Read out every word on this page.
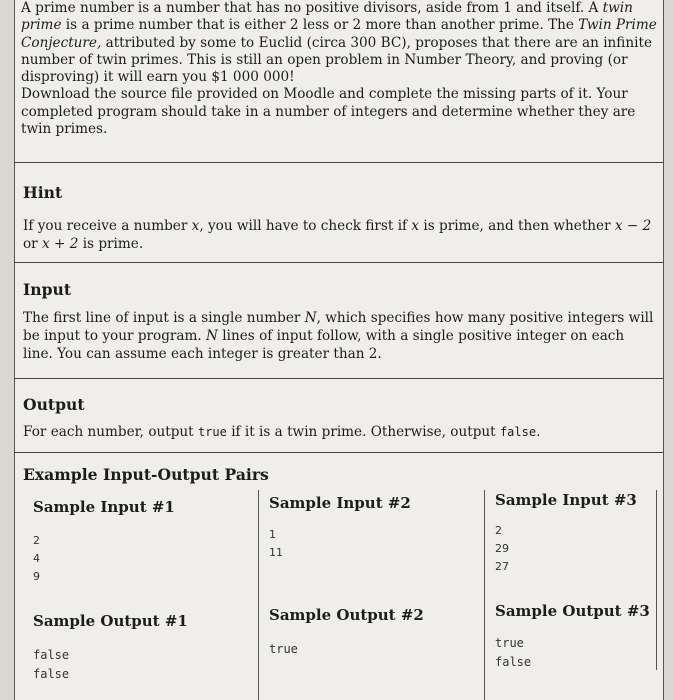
A prime number is a number that has no positive divisors, aside from 1 and itself. A twin prime is a prime number that is either 2 less or 2 more than another prime. The Twin Prime Conjecture, attributed by some to Euclid (circa 300 BC), proposes that there are an infinite number of twin primes. This is still an open problem in Number Theory, and proving (or disproving) it will earn you $1 000 000!

Download the source file provided on Moodle and complete the missing parts of it. Your completed program should take in a number of integers and determine whether they are twin primes.

Hint
If you receive a number x, you will have to check first if x is prime, and then whether x − 2 or x + 2 is prime.
Input
The first line of input is a single number N, which specifies how many positive integers will be input to your program. N lines of input follow, with a single positive integer on each line. You can assume each integer is greater than 2.
Output
For each number, output true if it is a twin prime. Otherwise, output false.
Example Input-Output Pairs
Sample Input #1
2
4
9
Sample Output #1
false
false
Sample Input #2
1
11
Sample Output #2
true
Sample Input #3
2
29
27
Sample Output #3
true
false
